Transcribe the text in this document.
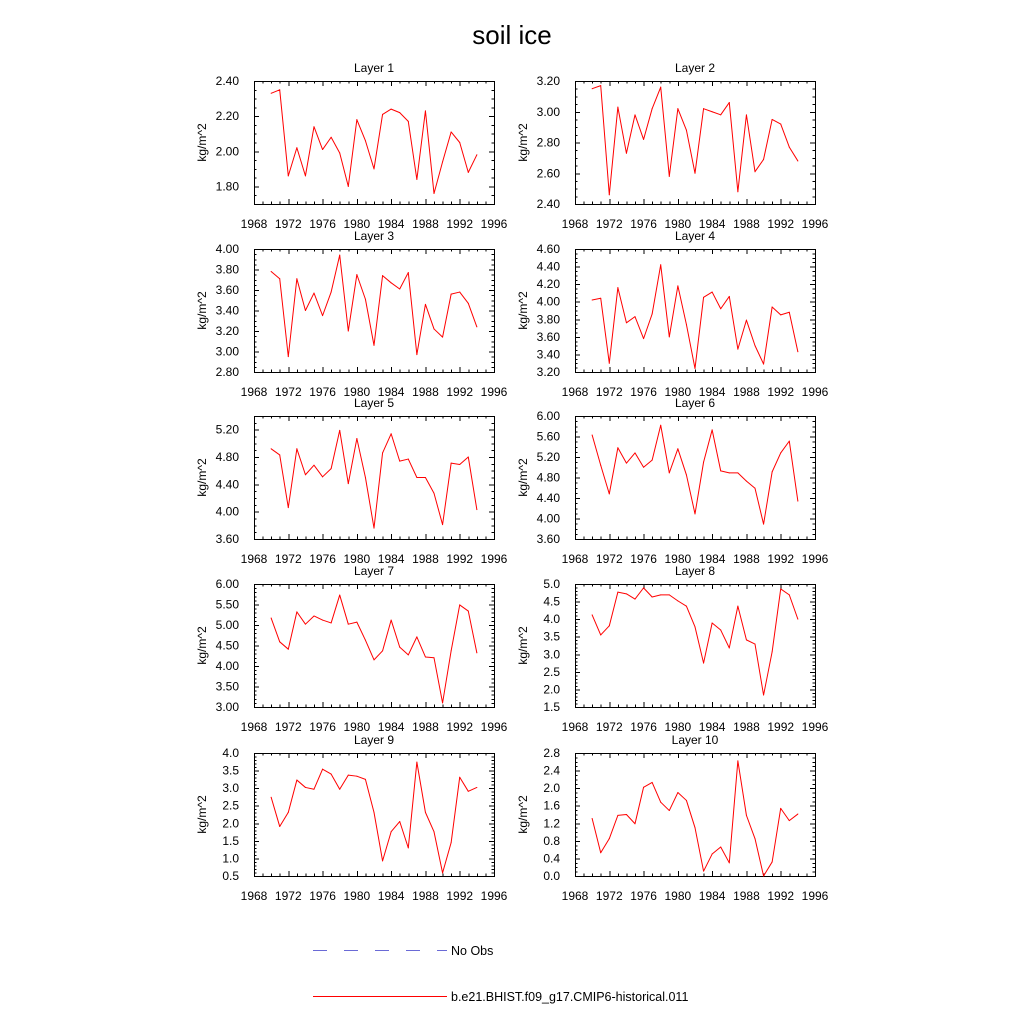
soil ice
Layer 1
kg/m^2
1968 1972 1976 1980 1984 1988 1992 1996
1.80
2.00
2.20
2.40
Layer 2
kg/m^2
1968 1972 1976 1980 1984 1988 1992 1996
2.40
2.60
2.80
3.00
3.20
Layer 3
kg/m^2
1968 1972 1976 1980 1984 1988 1992 1996
2.80
3.00
3.20
3.40
3.60
3.80
4.00
Layer 4
kg/m^2
1968 1972 1976 1980 1984 1988 1992 1996
3.20
3.40
3.60
3.80
4.00
4.20
4.40
4.60
Layer 5
kg/m^2
1968 1972 1976 1980 1984 1988 1992 1996
3.60
4.00
4.40
4.80
5.20
Layer 6
kg/m^2
1968 1972 1976 1980 1984 1988 1992 1996
3.60
4.00
4.40
4.80
5.20
5.60
6.00
Layer 7
kg/m^2
1968 1972 1976 1980 1984 1988 1992 1996
3.00
3.50
4.00
4.50
5.00
5.50
6.00
Layer 8
kg/m^2
1968 1972 1976 1980 1984 1988 1992 1996
1.5
2.0
2.5
3.0
3.5
4.0
4.5
5.0
Layer 9
kg/m^2
1968 1972 1976 1980 1984 1988 1992 1996
0.5
1.0
1.5
2.0
2.5
3.0
3.5
4.0
Layer 10
kg/m^2
1968 1972 1976 1980 1984 1988 1992 1996
0.0
0.4
0.8
1.2
1.6
2.0
2.4
2.8
No Obs
b.e21.BHIST.f09_g17.CMIP6-historical.011
